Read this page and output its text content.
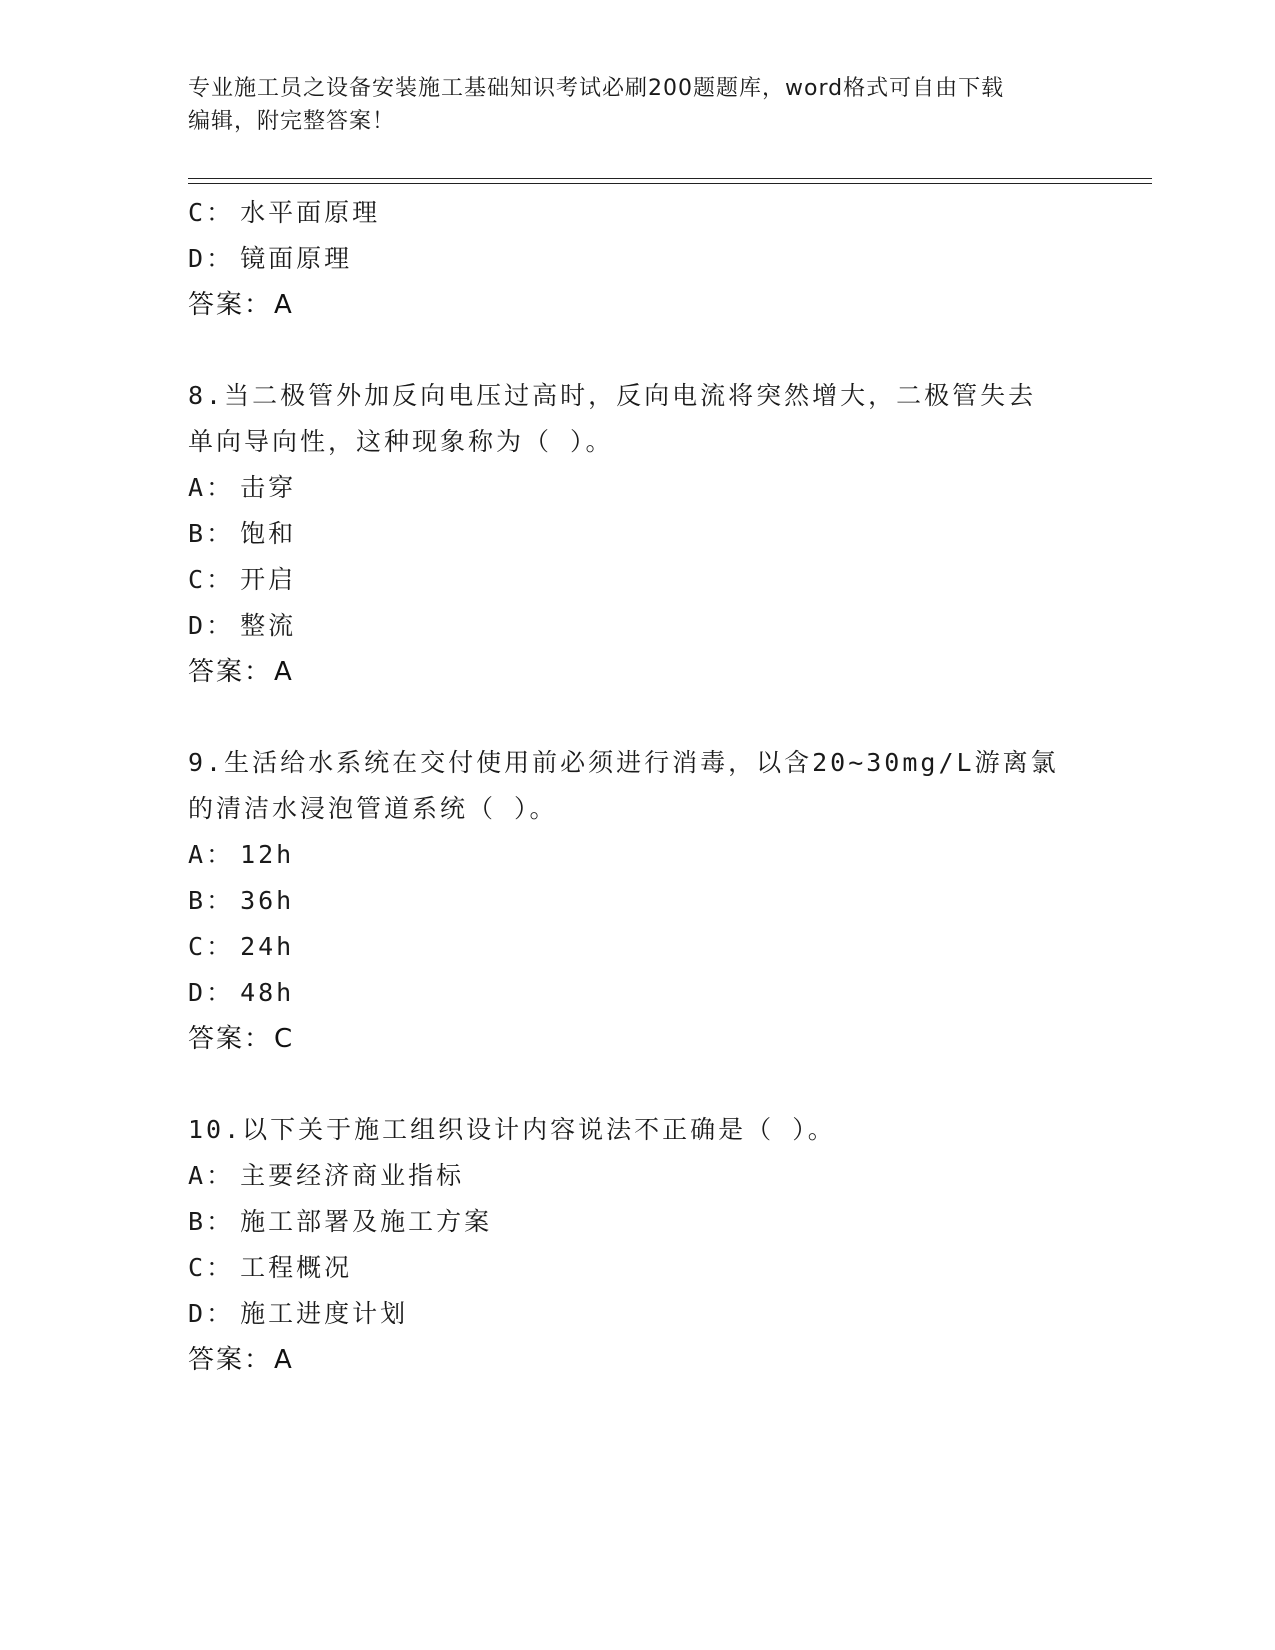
专业施工员之设备安装施工基础知识考试必刷200题题库，word格式可自由下载
编辑，附完整答案！
C： 水平面原理
D： 镜面原理
答案：A
8.当二极管外加反向电压过高时，反向电流将突然增大，二极管失去
单向导向性，这种现象称为（ ）。
A： 击穿
B： 饱和
C： 开启
D： 整流
答案：A
9.生活给水系统在交付使用前必须进行消毒，以含20~30mg/L游离氯
的清洁水浸泡管道系统（ ）。
A： 12h
B： 36h
C： 24h
D： 48h
答案：C
10.以下关于施工组织设计内容说法不正确是（ ）。
A： 主要经济商业指标
B： 施工部署及施工方案
C： 工程概况
D： 施工进度计划
答案：A
